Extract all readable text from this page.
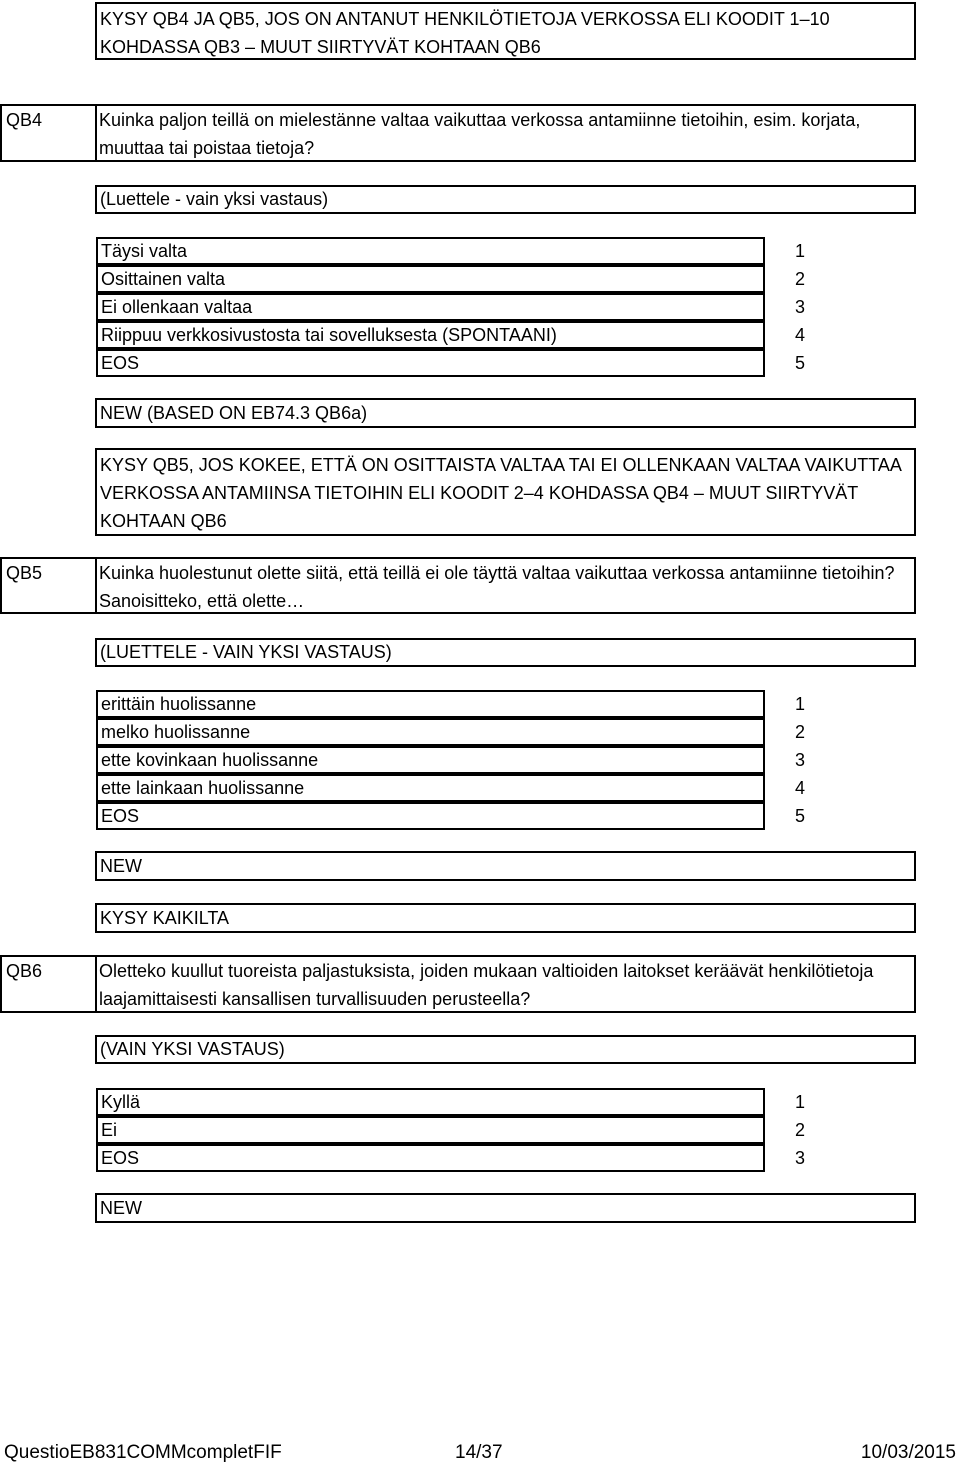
KYSY QB4 JA QB5, JOS ON ANTANUT HENKILÖTIETOJA VERKOSSA ELI KOODIT 1–10 KOHDASSA QB3 – MUUT SIIRTYVÄT KOHTAAN QB6
QB4	Kuinka paljon teillä on mielestänne valtaa vaikuttaa verkossa antamiinne tietoihin, esim. korjata, muuttaa tai poistaa tietoja?
(Luettele - vain yksi vastaus)
Täysi valta	1
Osittainen valta	2
Ei ollenkaan valtaa	3
Riippuu verkkosivustosta tai sovelluksesta (SPONTAANI)	4
EOS	5
NEW (BASED ON EB74.3 QB6a)
KYSY QB5, JOS KOKEE, ETTÄ ON OSITTAISTA VALTAA TAI EI OLLENKAAN VALTAA VAIKUTTAA VERKOSSA ANTAMIINSA TIETOIHIN ELI KOODIT 2–4 KOHDASSA QB4 – MUUT SIIRTYVÄT KOHTAAN QB6
QB5	Kuinka huolestunut olette siitä, että teillä ei ole täyttä valtaa vaikuttaa verkossa antamiinne tietoihin? Sanoisitteko, että olette…
(LUETTELE - VAIN YKSI VASTAUS)
erittäin huolissanne	1
melko huolissanne	2
ette kovinkaan huolissanne	3
ette lainkaan huolissanne	4
EOS	5
NEW
KYSY KAIKILTA
QB6	Oletteko kuullut tuoreista paljastuksista, joiden mukaan valtioiden laitokset keräävät henkilötietoja laajamittaisesti kansallisen turvallisuuden perusteella?
(VAIN YKSI VASTAUS)
Kyllä	1
Ei	2
EOS	3
NEW
QuestioEB831COMMcompletFIF	14/37	10/03/2015
